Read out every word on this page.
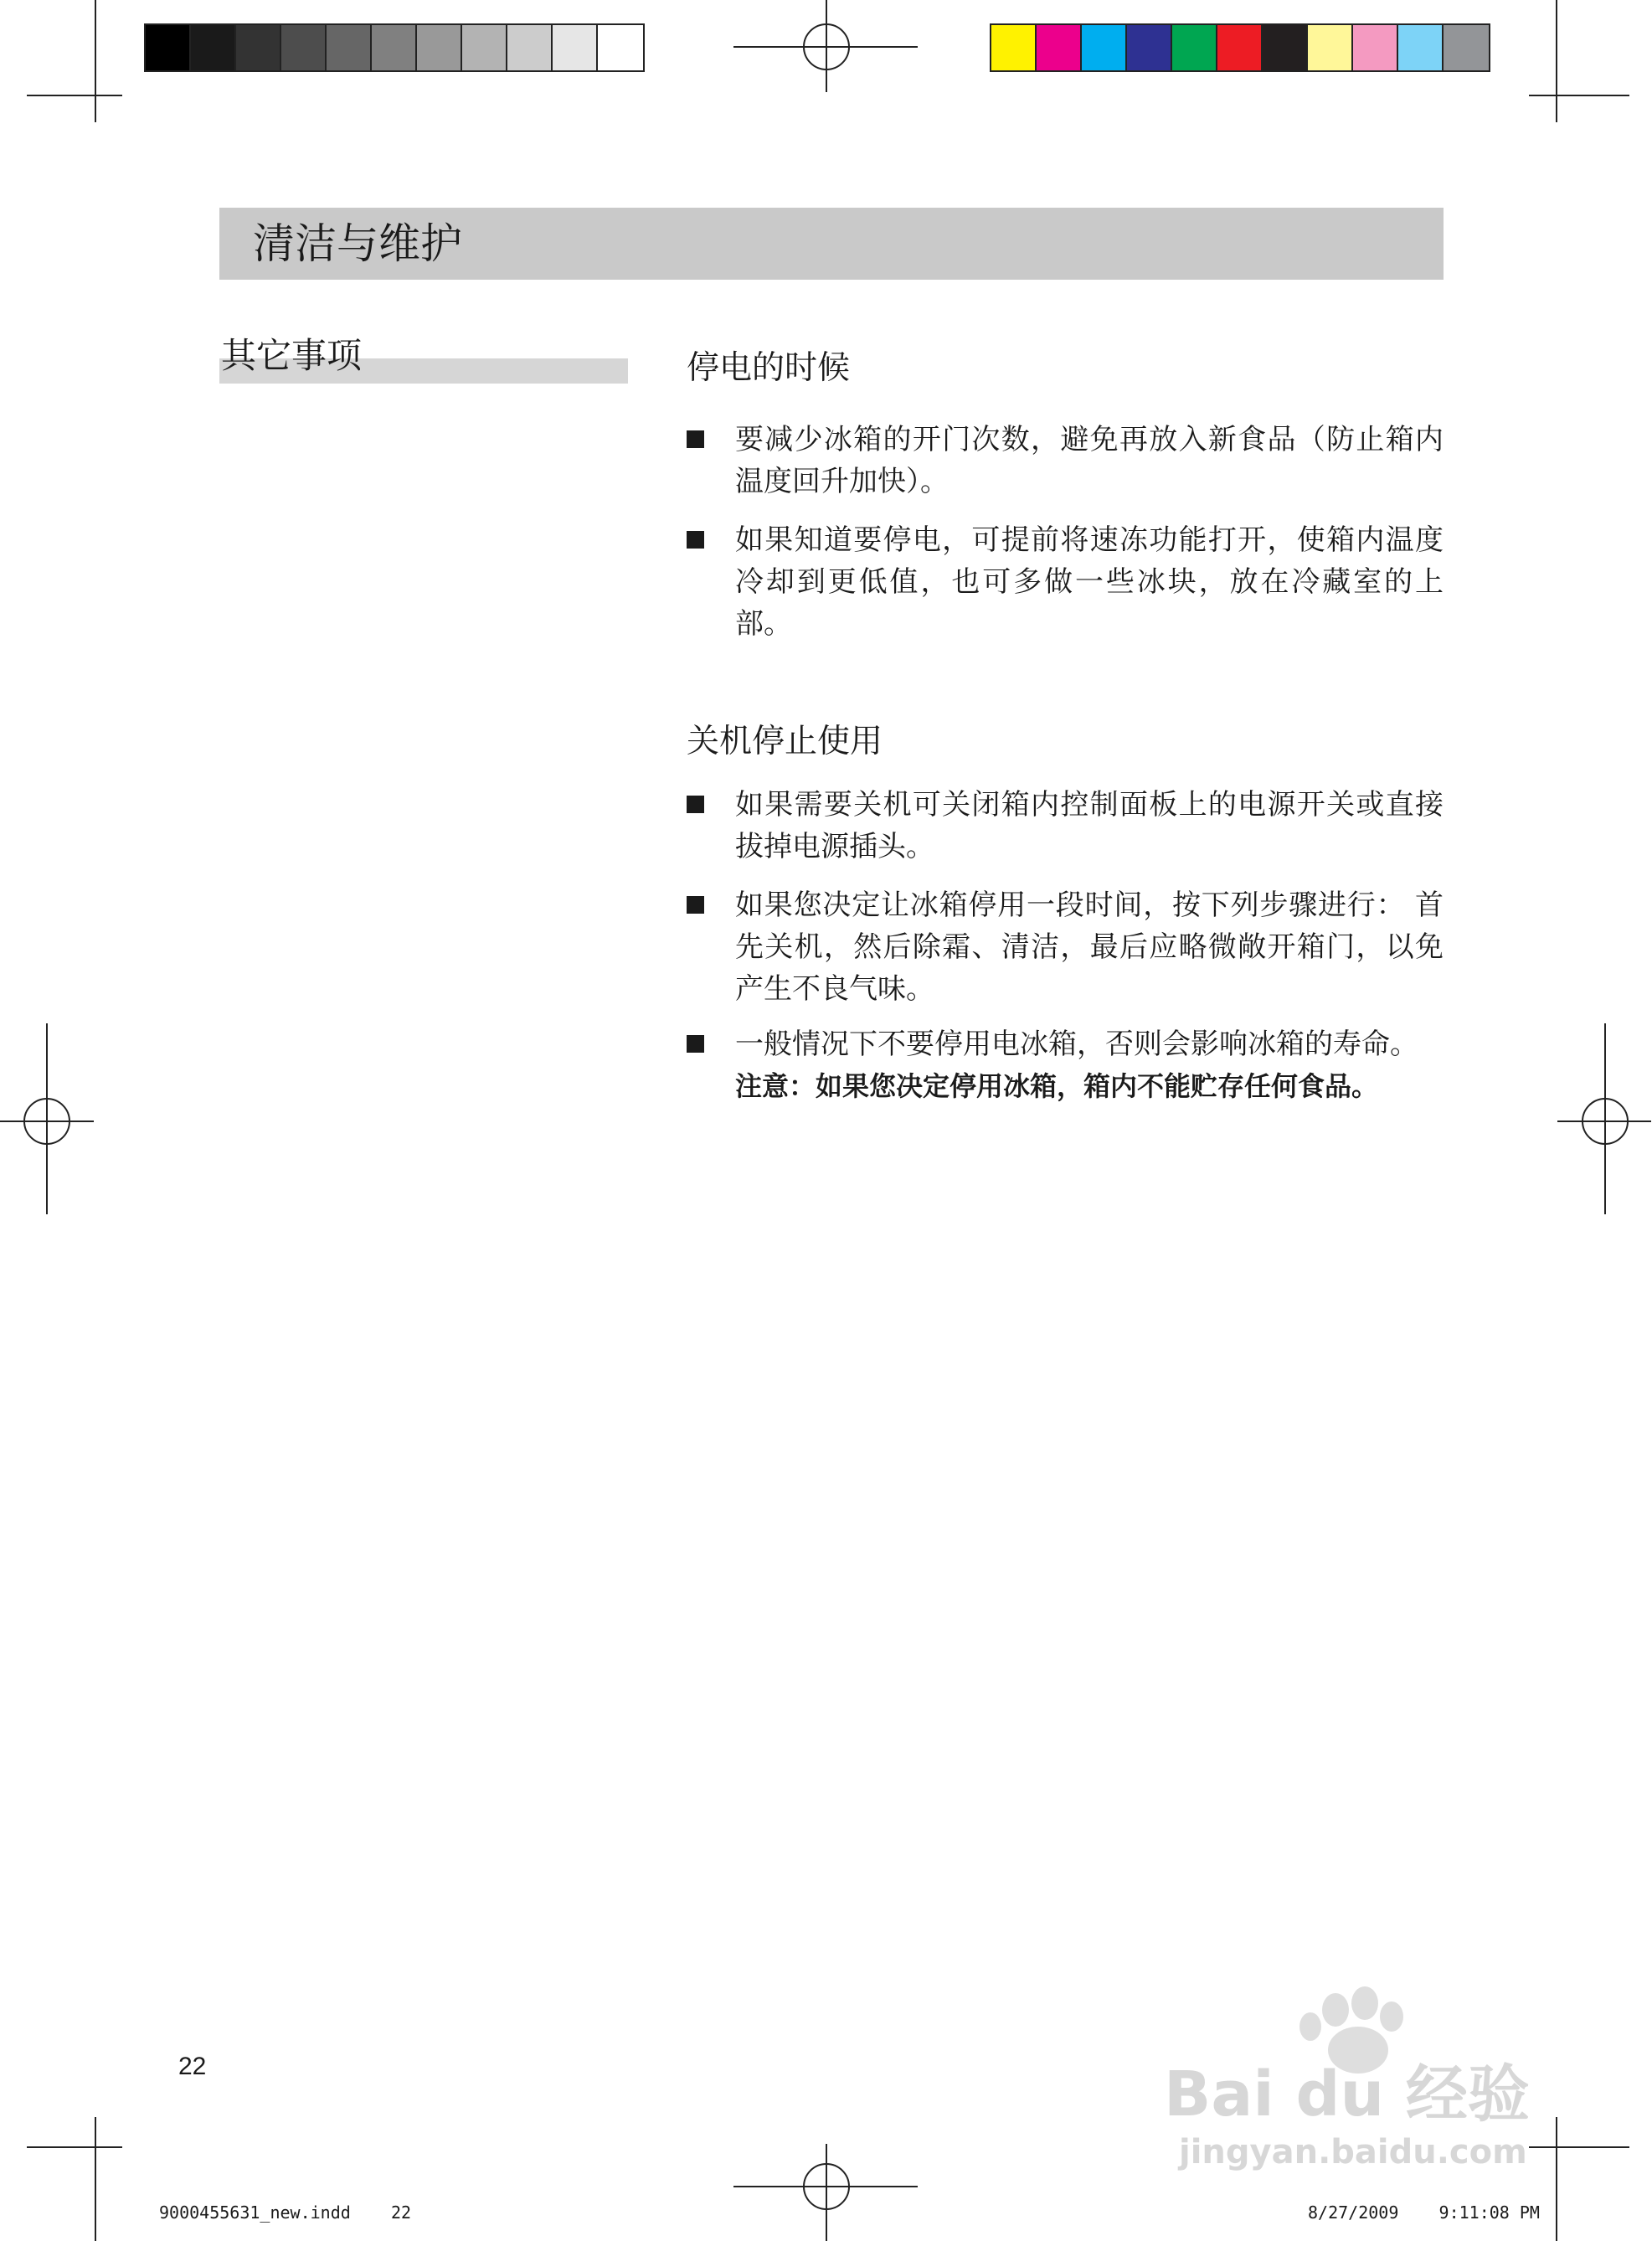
清洁与维护
其它事项	停电的时候
要减少冰箱的开门次数，避免再放入新食品（防止箱内温度回升加快）。
如果知道要停电，可提前将速冻功能打开，使箱内温度冷却到更低值，也可多做一些冰块，放在冷藏室的上部。
关机停止使用
如果需要关机可关闭箱内控制面板上的电源开关或直接拔掉电源插头。
如果您决定让冰箱停用一段时间，按下列步骤进行： 首先关机，然后除霜、清洁，最后应略微敞开箱门，以免产生不良气味。
一般情况下不要停用电冰箱，否则会影响冰箱的寿命。
注意：如果您决定停用冰箱，箱内不能贮存任何食品。
22
9000455631_new.indd    22	8/27/2009    9:11:08 PM
Bai du 经验
jingyan.baidu.com
